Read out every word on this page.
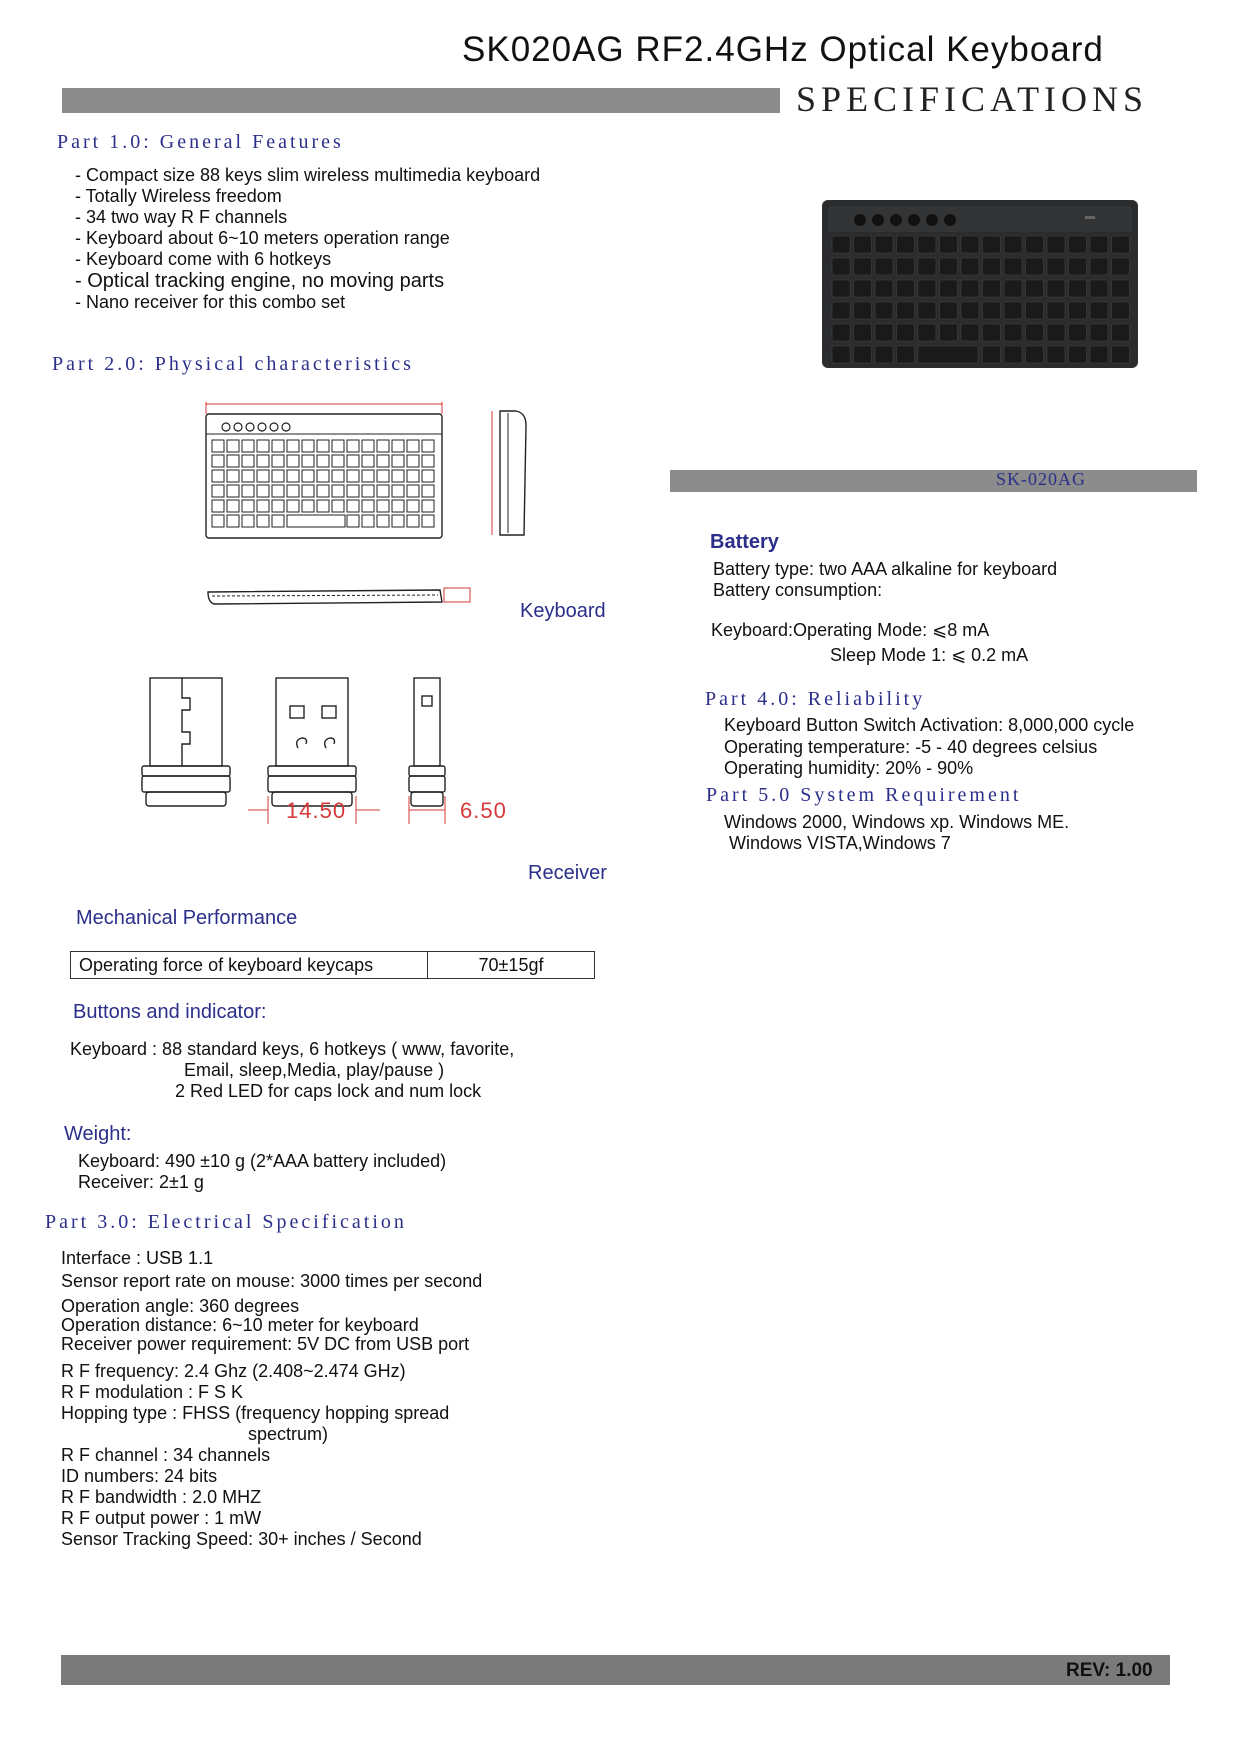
SK020AG RF2.4GHz Optical Keyboard
SPECIFICATIONS
Part 1.0: General Features
- Compact size 88 keys slim wireless multimedia keyboard
- Totally Wireless freedom
- 34 two way R F channels
- Keyboard about 6~10 meters operation range
- Keyboard come with 6 hotkeys
- Optical tracking engine, no moving parts
- Nano receiver for this combo set
Part 2.0: Physical characteristics
Keyboard
14.50	6.50
Receiver
Mechanical Performance
Operating force of keyboard keycaps	70±15gf
Buttons and indicator:
Keyboard : 88 standard keys, 6 hotkeys ( www, favorite,
Email, sleep,Media, play/pause )
2 Red LED for caps lock and num lock
Weight:
Keyboard: 490 ±10 g (2*AAA battery included)
Receiver: 2±1 g
Part 3.0: Electrical Specification
Interface : USB 1.1
Sensor report rate on mouse: 3000 times per second
Operation angle: 360 degrees
Operation distance: 6~10 meter for keyboard
Receiver power requirement: 5V DC from USB port
R F frequency: 2.4 Ghz (2.408~2.474 GHz)
R F modulation : F S K
Hopping type : FHSS (frequency hopping spread
spectrum)
R F channel : 34 channels
ID numbers: 24 bits
R F bandwidth : 2.0 MHZ
R F output power : 1 mW
Sensor Tracking Speed: 30+ inches / Second
SK-020AG
Battery
Battery type: two AAA alkaline for keyboard
Battery consumption:
Keyboard:Operating Mode: ⩽8 mA
Sleep Mode 1: ⩽ 0.2 mA
Part 4.0: Reliability
Keyboard Button Switch Activation: 8,000,000 cycle
Operating temperature: -5 - 40 degrees celsius
Operating humidity: 20% - 90%
Part 5.0 System Requirement
Windows 2000, Windows xp. Windows ME.
Windows VISTA,Windows 7
REV: 1.00
